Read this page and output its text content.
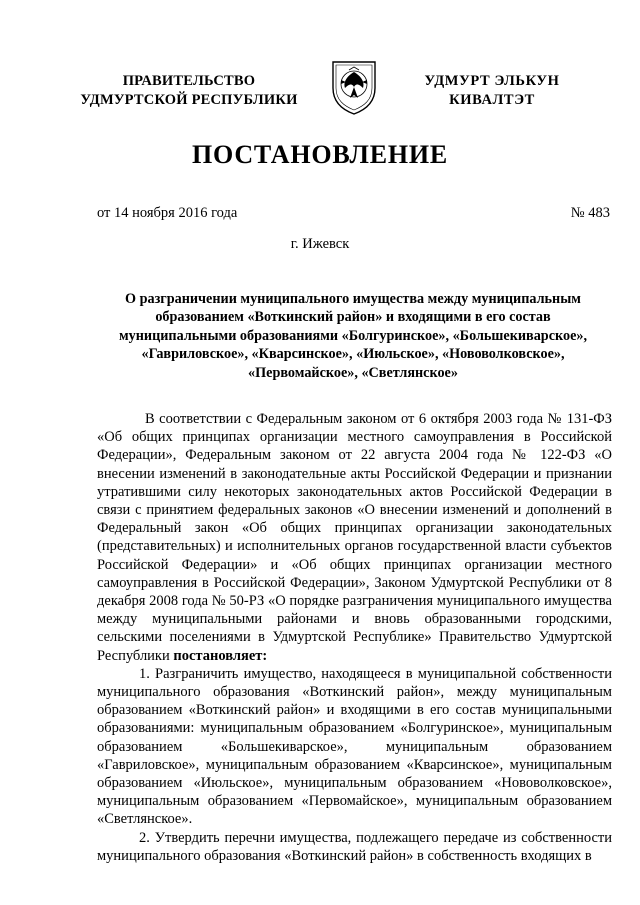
ПРАВИТЕЛЬСТВО
УДМУРТСКОЙ РЕСПУБЛИКИ
УДМУРТ ЭЛЬКУН
КИВАЛТЭТ
ПОСТАНОВЛЕНИЕ
от 14 ноября 2016 года	№ 483
г. Ижевск
О разграничении муниципального имущества между муниципальным
образованием «Воткинский район» и входящими в его состав
муниципальными образованиями «Болгуринское», «Большекиварское»,
«Гавриловское», «Кварсинское», «Июльское», «Нововолковское»,
«Первомайское», «Светлянское»

В соответствии с Федеральным законом от 6 октября 2003 года № 131-ФЗ «Об общих принципах организации местного самоуправления в Российской Федерации», Федеральным законом от 22 августа 2004 года № 122-ФЗ «О внесении изменений в законодательные акты Российской Федерации и признании утратившими силу некоторых законодательных актов Российской Федерации в связи с принятием федеральных законов «О внесении изменений и дополнений в Федеральный закон «Об общих принципах организации законодательных (представительных) и исполнительных органов государственной власти субъектов Российской Федерации» и «Об общих принципах организации местного самоуправления в Российской Федерации», Законом Удмуртской Республики от 8 декабря 2008 года № 50-РЗ «О порядке разграничения муниципального имущества между муниципальными районами и вновь образованными городскими, сельскими поселениями в Удмуртской Республике» Правительство Удмуртской Республики постановляет:

1. Разграничить имущество, находящееся в муниципальной собственности муниципального образования «Воткинский район», между муниципальным образованием «Воткинский район» и входящими в его состав муниципальными образованиями: муниципальным образованием «Болгуринское», муниципальным образованием «Большекиварское», муниципальным образованием «Гавриловское», муниципальным образованием «Кварсинское», муниципальным образованием «Июльское», муниципальным образованием «Нововолковское», муниципальным образованием «Первомайское», муниципальным образованием «Светлянское».

2. Утвердить перечни имущества, подлежащего передаче из собственности муниципального образования «Воткинский район» в собственность входящих в
